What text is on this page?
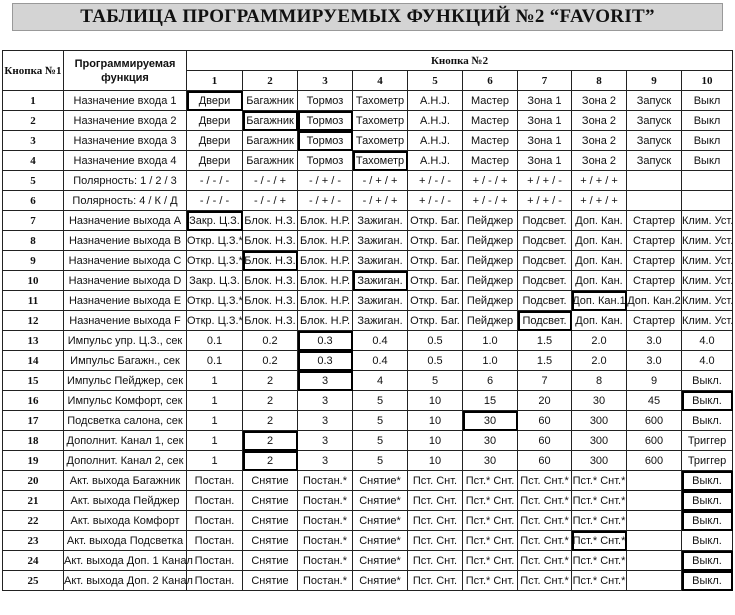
ТАБЛИЦА ПРОГРАММИРУЕМЫХ ФУНКЦИЙ №2 “FAVORIT”
Кнопка №1	Программируемая функция	Кнопка №2									
		1	2	3	4	5	6	7	8	9	10
1	Назначение входа 1	Двери	Багажник	Тормоз	Тахометр	A.H.J.	Мастер	Зона 1	Зона 2	Запуск	Выкл
2	Назначение входа 2	Двери	Багажник	Тормоз	Тахометр	A.H.J.	Мастер	Зона 1	Зона 2	Запуск	Выкл
3	Назначение входа 3	Двери	Багажник	Тормоз	Тахометр	A.H.J.	Мастер	Зона 1	Зона 2	Запуск	Выкл
4	Назначение входа 4	Двери	Багажник	Тормоз	Тахометр	A.H.J.	Мастер	Зона 1	Зона 2	Запуск	Выкл
5	Полярность: 1 / 2 / 3	- / - / -	- / - / +	- / + / -	- / + / +	+ / - / -	+ / - / +	+ / + / -	+ / + / +		
6	Полярность: 4 / К / Д	- / - / -	- / - / +	- / + / -	- / + / +	+ / - / -	+ / - / +	+ / + / -	+ / + / +		
7	Назначение выхода А	Закр. Ц.З.	Блок. Н.З.	Блок. Н.Р.	Зажиган.	Откр. Баг.	Пейджер	Подсвет.	Доп. Кан.	Стартер	Клим. Уст.
8	Назначение выхода В	Откр. Ц.З.*	Блок. Н.З.	Блок. Н.Р.	Зажиган.	Откр. Баг.	Пейджер	Подсвет.	Доп. Кан.	Стартер	Клим. Уст.
9	Назначение выхода С	Откр. Ц.З.*	Блок. Н.З.	Блок. Н.Р.	Зажиган.	Откр. Баг.	Пейджер	Подсвет.	Доп. Кан.	Стартер	Клим. Уст.
10	Назначение выхода D	Закр. Ц.З.	Блок. Н.З.	Блок. Н.Р.	Зажиган.	Откр. Баг.	Пейджер	Подсвет.	Доп. Кан.	Стартер	Клим. Уст.
11	Назначение выхода Е	Откр. Ц.З.*	Блок. Н.З.	Блок. Н.Р.	Зажиган.	Откр. Баг.	Пейджер	Подсвет.	Доп. Кан.1	Доп. Кан.2	Клим. Уст.
12	Назначение выхода F	Откр. Ц.З.*	Блок. Н.З.	Блок. Н.Р.	Зажиган.	Откр. Баг.	Пейджер	Подсвет.	Доп. Кан.	Стартер	Клим. Уст.
13	Импульс упр. Ц.З., сек	0.1	0.2	0.3	0.4	0.5	1.0	1.5	2.0	3.0	4.0
14	Импульс Багажн., сек	0.1	0.2	0.3	0.4	0.5	1.0	1.5	2.0	3.0	4.0
15	Импульс Пейджер, сек	1	2	3	4	5	6	7	8	9	Выкл.
16	Импульс Комфорт, сек	1	2	3	5	10	15	20	30	45	Выкл.
17	Подсветка салона, сек	1	2	3	5	10	30	60	300	600	Выкл.
18	Дополнит. Канал 1, сек	1	2	3	5	10	30	60	300	600	Триггер
19	Дополнит. Канал 2, сек	1	2	3	5	10	30	60	300	600	Триггер
20	Акт. выхода Багажник	Постан.	Снятие	Постан.*	Снятие*	Пст. Снт.	Пст.* Снт.	Пст. Снт.*	Пст.* Снт.*		Выкл.
21	Акт. выхода Пейджер	Постан.	Снятие	Постан.*	Снятие*	Пст. Снт.	Пст.* Снт.	Пст. Снт.*	Пст.* Снт.*		Выкл.
22	Акт. выхода Комфорт	Постан.	Снятие	Постан.*	Снятие*	Пст. Снт.	Пст.* Снт.	Пст. Снт.*	Пст.* Снт.*		Выкл.
23	Акт. выхода Подсветка	Постан.	Снятие	Постан.*	Снятие*	Пст. Снт.	Пст.* Снт.	Пст. Снт.*	Пст.* Снт.*		Выкл.
24	Акт. выхода Доп. 1 Канал	Постан.	Снятие	Постан.*	Снятие*	Пст. Снт.	Пст.* Снт.	Пст. Снт.*	Пст.* Снт.*		Выкл.
25	Акт. выхода Доп. 2 Канал	Постан.	Снятие	Постан.*	Снятие*	Пст. Снт.	Пст.* Снт.	Пст. Снт.*	Пст.* Снт.*		Выкл.
